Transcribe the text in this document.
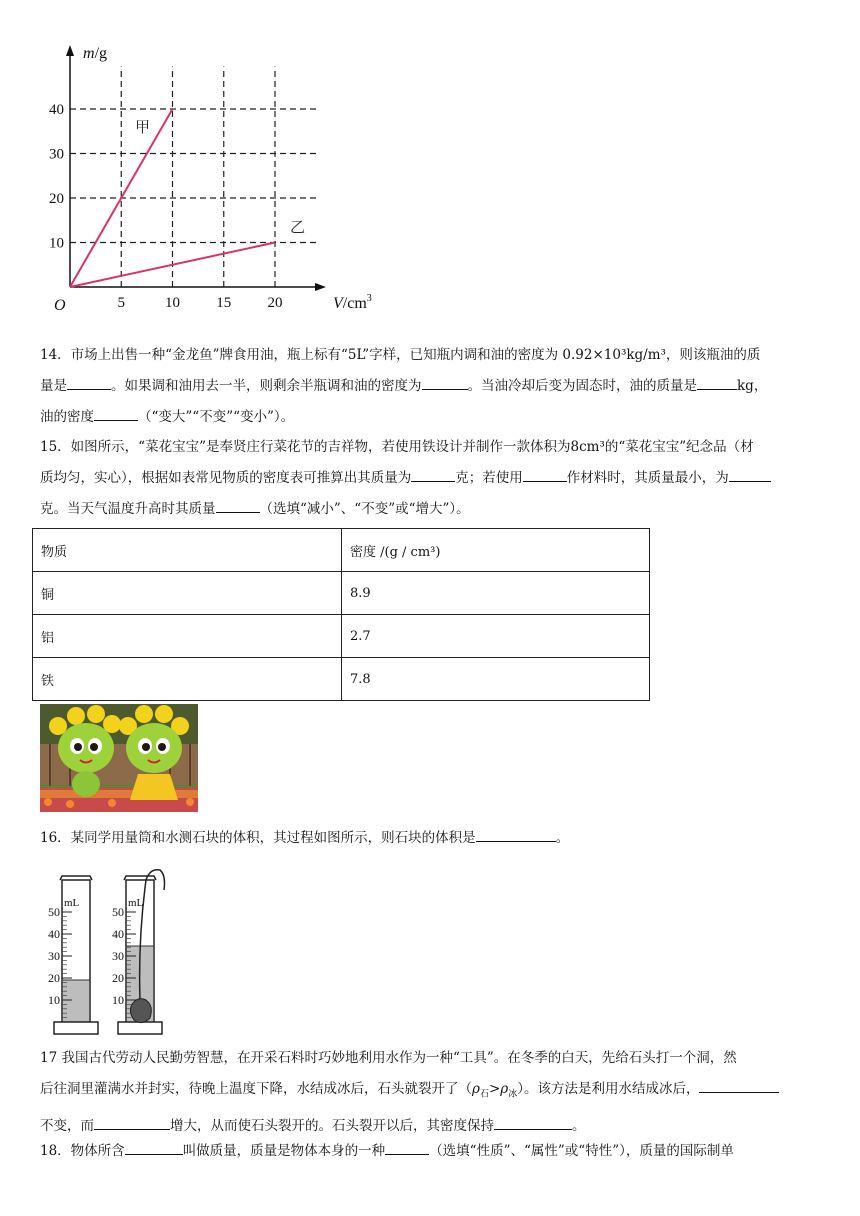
5	10 15 20
10
20
30
40
m/g
$V/cm^3$
O
甲
乙
14．市场上出售一种“金龙鱼”牌食用油，瓶上标有“5L”字样，已知瓶内调和油的密度为 0.92×10³kg/m³，则该瓶油的质
量是	。如果调和油用去一半，则剩余半瓶调和油的密度为	。当油冷却后变为固态时，油的质量是	kg，
油的密度	（“变大”“不变”“变小”）。
15．如图所示，“菜花宝宝”是奉贤庄行菜花节的吉祥物，若使用铁设计并制作一款体积为8cm³的“菜花宝宝”纪念品（材
质均匀，实心），根据如表常见物质的密度表可推算出其质量为	克；若使用	作材料时，其质量最小，为
克。当天气温度升高时其质量	（选填“减小”、“不变”或“增大”）。
物质	密度 /(g / cm³)
铜	8.9
铝	2.7
铁	7.8
16．某同学用量筒和水测石块的体积，其过程如图所示，则石块的体积是	。
mL
50
40
30
20
10
mL
50
40
30
20
10
17 我国古代劳动人民勤劳智慧，在开采石料时巧妙地利用水作为一种“工具”。在冬季的白天，先给石头打一个洞，然
后往洞里灌满水并封实，待晚上温度下降，水结成冰后，石头就裂开了$(\rho_石>\rho_冰)$。该方法是利用水结成冰后，
不变，而	增大，从而使石头裂开的。石头裂开以后，其密度保持	。
18．物体所含	叫做质量，质量是物体本身的一种	（选填“性质”、“属性”或“特性”），质量的国际制单
